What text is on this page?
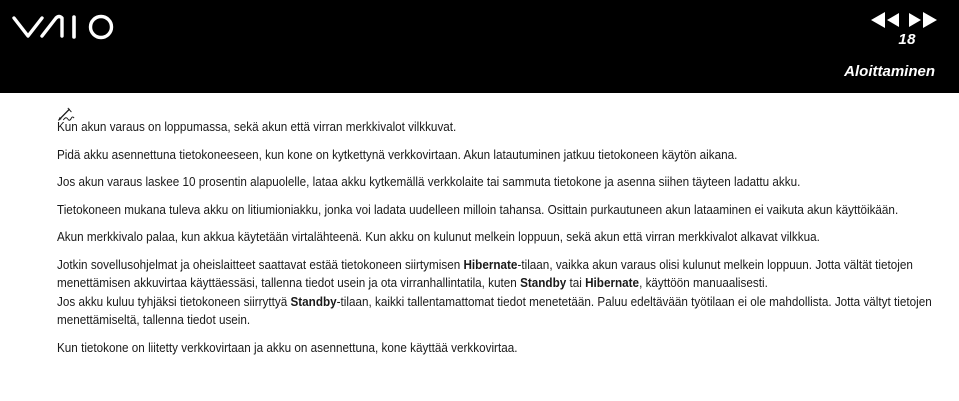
18
Aloittaminen

Kun akun varaus on loppumassa, sekä akun että virran merkkivalot vilkkuvat.

Pidä akku asennettuna tietokoneeseen, kun kone on kytkettynä verkkovirtaan. Akun latautuminen jatkuu tietokoneen käytön aikana.

Jos akun varaus laskee 10 prosentin alapuolelle, lataa akku kytkemällä verkkolaite tai sammuta tietokone ja asenna siihen täyteen ladattu akku.

Tietokoneen mukana tuleva akku on litiumioniakku, jonka voi ladata uudelleen milloin tahansa. Osittain purkautuneen akun lataaminen ei vaikuta akun käyttöikään.

Akun merkkivalo palaa, kun akkua käytetään virtalähteenä. Kun akku on kulunut melkein loppuun, sekä akun että virran merkkivalot alkavat vilkkua.

Jotkin sovellusohjelmat ja oheislaitteet saattavat estää tietokoneen siirtymisen Hibernate-tilaan, vaikka akun varaus olisi kulunut melkein loppuun. Jotta vältät tietojen menettämisen akkuvirtaa käyttäessäsi, tallenna tiedot usein ja ota virranhallintatila, kuten Standby tai Hibernate, käyttöön manuaalisesti.

Jos akku kuluu tyhjäksi tietokoneen siirryttyä Standby-tilaan, kaikki tallentamattomat tiedot menetetään. Paluu edeltävään työtilaan ei ole mahdollista. Jotta vältyt tietojen menettämiseltä, tallenna tiedot usein.

Kun tietokone on liitetty verkkovirtaan ja akku on asennettuna, kone käyttää verkkovirtaa.
